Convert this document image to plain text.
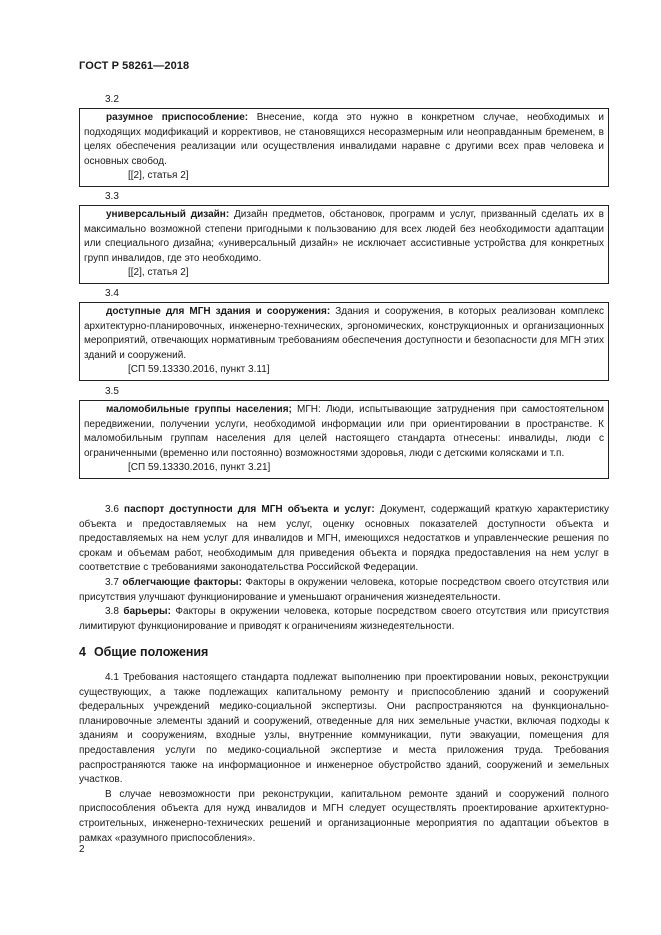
ГОСТ Р 58261—2018
3.2

разумное приспособление: Внесение, когда это нужно в конкретном случае, необходимых и подходящих модификаций и коррективов, не становящихся несоразмерным или неоправданным бременем, в целях обеспечения реализации или осуществления инвалидами наравне с другими всех прав человека и основных свобод.

[[2], статья 2]

3.3

универсальный дизайн: Дизайн предметов, обстановок, программ и услуг, призванный сделать их в максимально возможной степени пригодными к пользованию для всех людей без необходимости адаптации или специального дизайна; «универсальный дизайн» не исключает ассистивные устройства для конкретных групп инвалидов, где это необходимо.

[[2], статья 2]

3.4

доступные для МГН здания и сооружения: Здания и сооружения, в которых реализован комплекс архитектурно-планировочных, инженерно-технических, эргономических, конструкционных и организационных мероприятий, отвечающих нормативным требованиям обеспечения доступности и безопасности для МГН этих зданий и сооружений.

[СП 59.13330.2016, пункт 3.11]

3.5

маломобильные группы населения; МГН: Люди, испытывающие затруднения при самостоятельном передвижении, получении услуги, необходимой информации или при ориентировании в пространстве. К маломобильным группам населения для целей настоящего стандарта отнесены: инвалиды, люди с ограниченными (временно или постоянно) возможностями здоровья, люди с детскими колясками и т.п.

[СП 59.13330.2016, пункт 3.21]

3.6 паспорт доступности для МГН объекта и услуг: Документ, содержащий краткую характеристику объекта и предоставляемых на нем услуг, оценку основных показателей доступности объекта и предоставляемых на нем услуг для инвалидов и МГН, имеющихся недостатков и управленческие решения по срокам и объемам работ, необходимым для приведения объекта и порядка предоставления на нем услуг в соответствие с требованиями законодательства Российской Федерации.

3.7 облегчающие факторы: Факторы в окружении человека, которые посредством своего отсутствия или присутствия улучшают функционирование и уменьшают ограничения жизнедеятельности.

3.8 барьеры: Факторы в окружении человека, которые посредством своего отсутствия или присутствия лимитируют функционирование и приводят к ограничениям жизнедеятельности.

4 Общие положения

4.1 Требования настоящего стандарта подлежат выполнению при проектировании новых, реконструкции существующих, а также подлежащих капитальному ремонту и приспособлению зданий и сооружений федеральных учреждений медико-социальной экспертизы. Они распространяются на функционально-планировочные элементы зданий и сооружений, отведенные для них земельные участки, включая подходы к зданиям и сооружениям, входные узлы, внутренние коммуникации, пути эвакуации, помещения для предоставления услуги по медико-социальной экспертизе и места приложения труда. Требования распространяются также на информационное и инженерное обустройство зданий, сооружений и земельных участков.

В случае невозможности при реконструкции, капитальном ремонте зданий и сооружений полного приспособления объекта для нужд инвалидов и МГН следует осуществлять проектирование архитектурно-строительных, инженерно-технических решений и организационные мероприятия по адаптации объектов в рамках «разумного приспособления».

2
